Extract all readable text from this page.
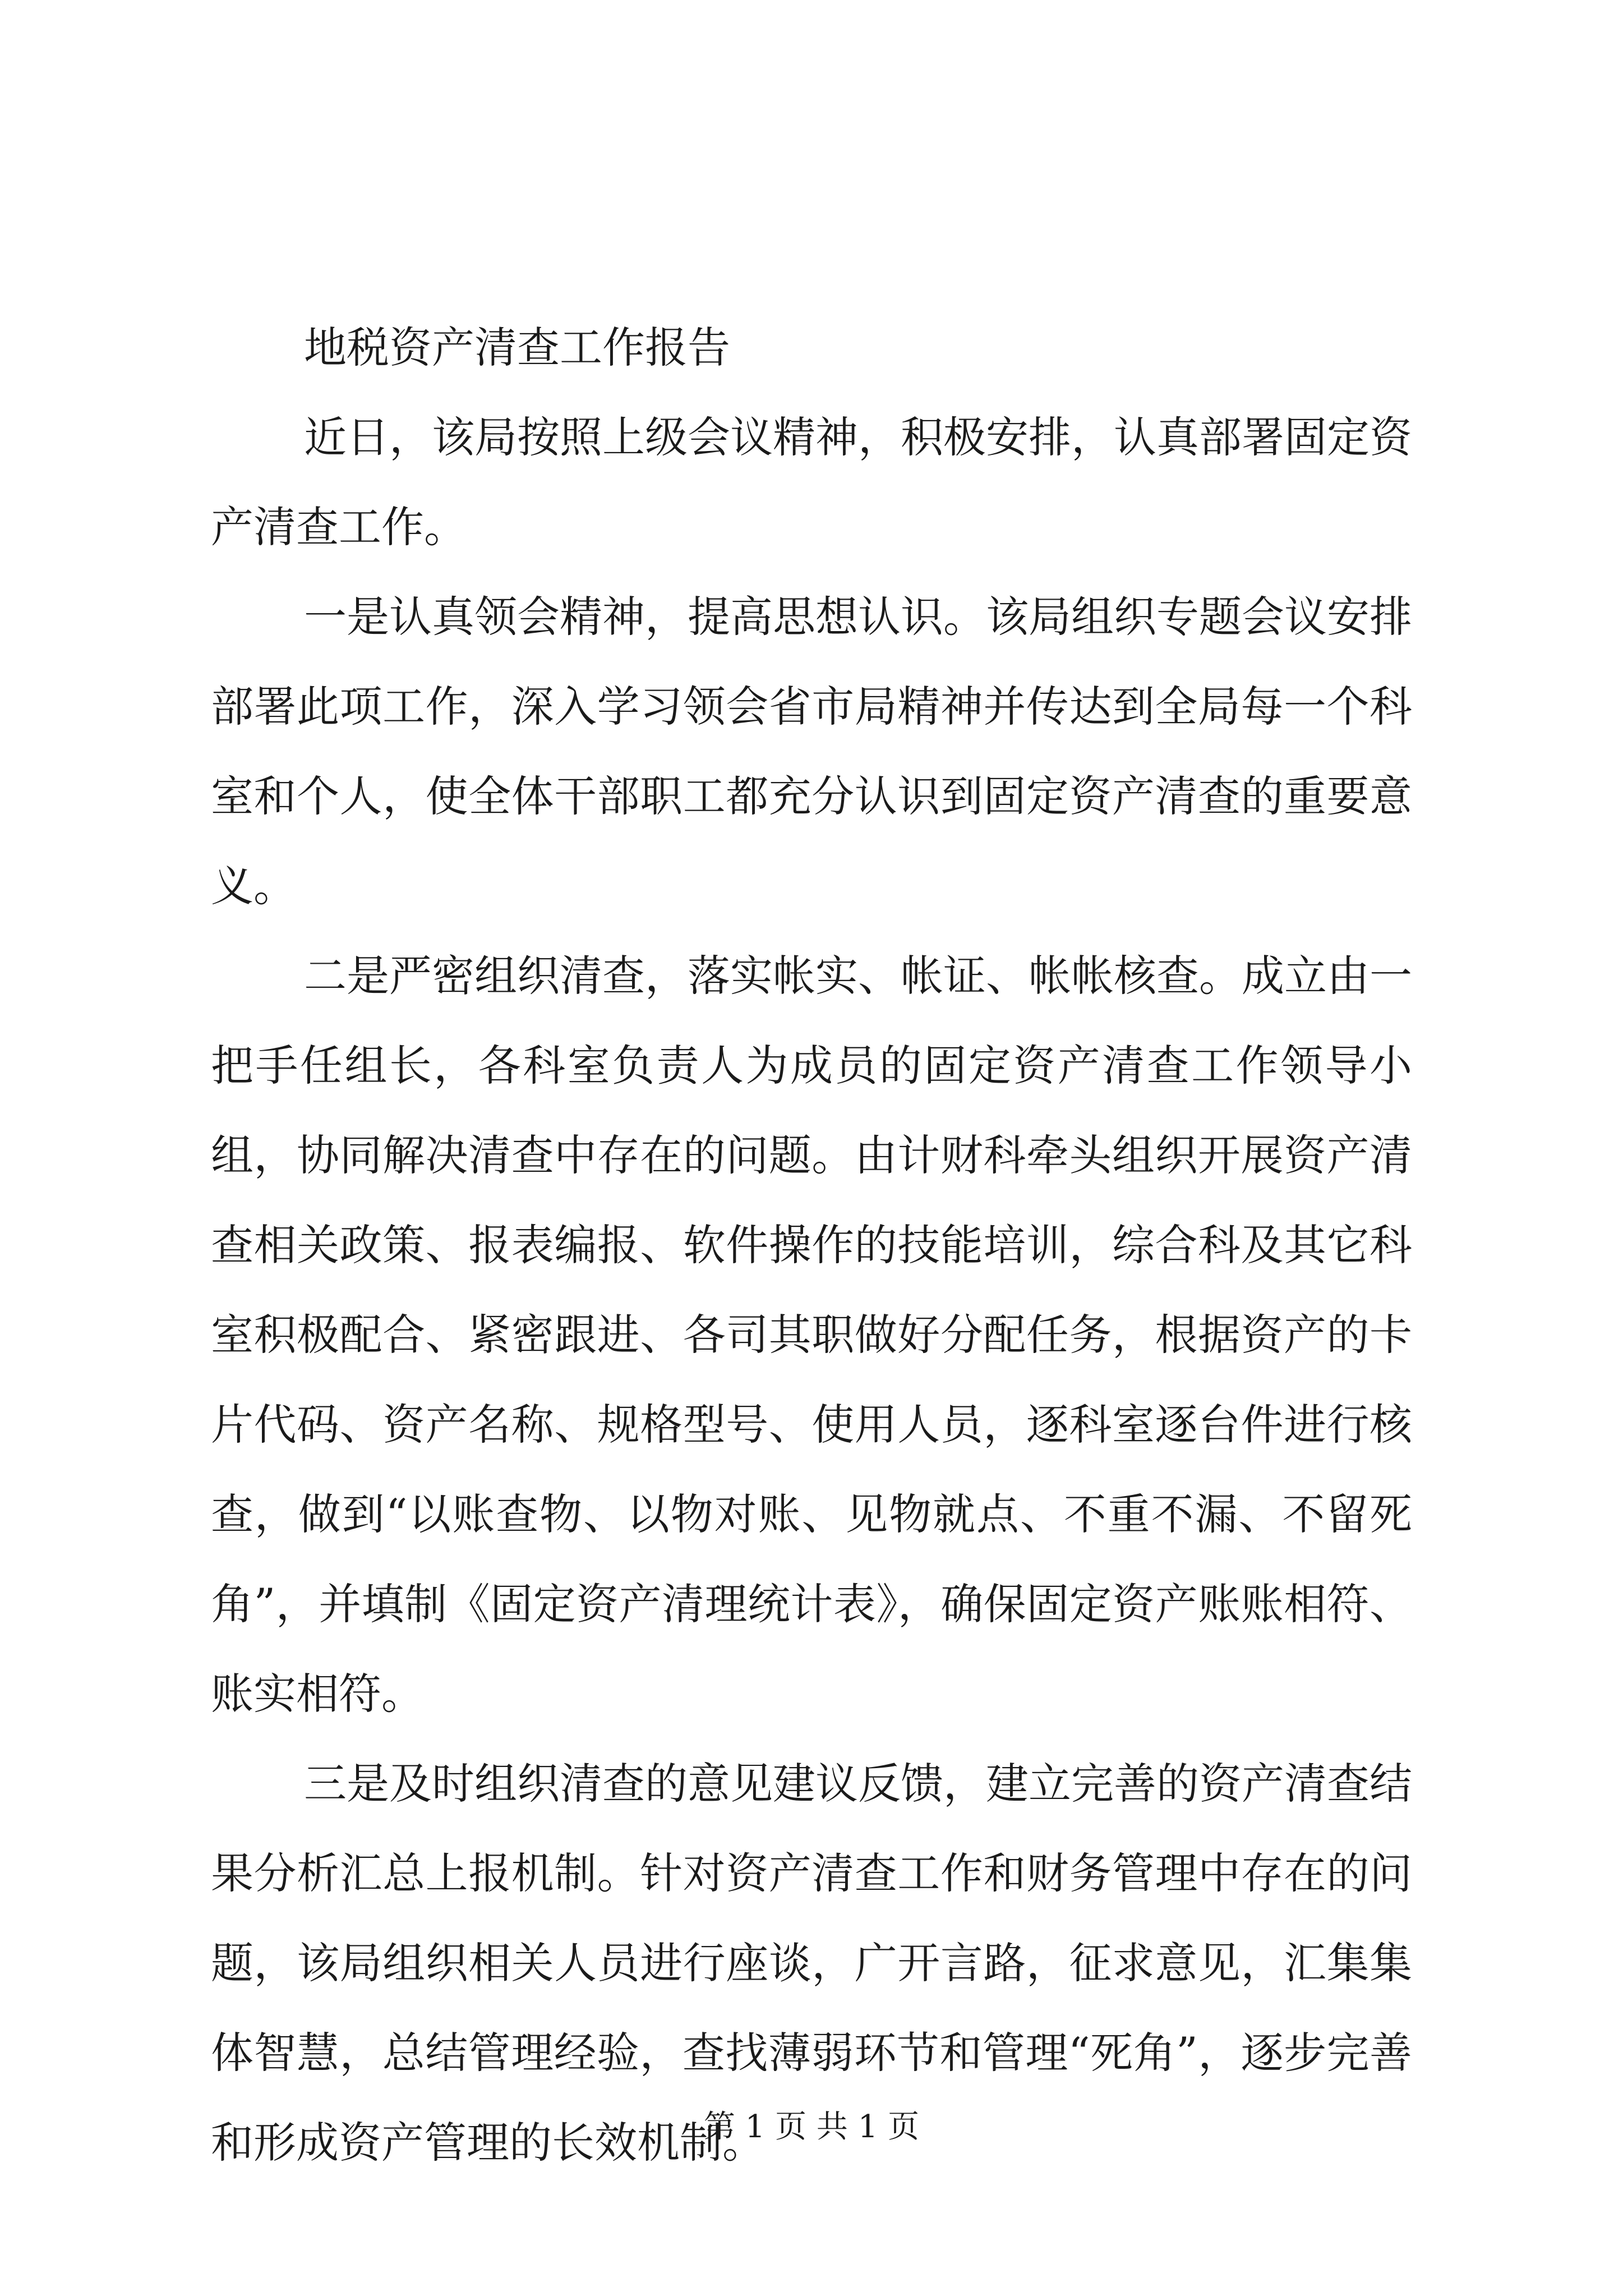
地税资产清查工作报告

近日，该局按照上级会议精神，积极安排，认真部署固定资产清查工作。

一是认真领会精神，提高思想认识。该局组织专题会议安排部署此项工作，深入学习领会省市局精神并传达到全局每一个科室和个人，使全体干部职工都充分认识到固定资产清查的重要意义。

二是严密组织清查，落实帐实、帐证、帐帐核查。成立由一把手任组长，各科室负责人为成员的固定资产清查工作领导小组，协同解决清查中存在的问题。由计财科牵头组织开展资产清查相关政策、报表编报、软件操作的技能培训，综合科及其它科室积极配合、紧密跟进、各司其职做好分配任务，根据资产的卡片代码、资产名称、规格型号、使用人员，逐科室逐台件进行核查，做到“以账查物、以物对账、见物就点、不重不漏、不留死角”，并填制《固定资产清理统计表》，确保固定资产账账相符、账实相符。

三是及时组织清查的意见建议反馈，建立完善的资产清查结果分析汇总上报机制。针对资产清查工作和财务管理中存在的问题，该局组织相关人员进行座谈，广开言路，征求意见，汇集集体智慧，总结管理经验，查找薄弱环节和管理“死角”，逐步完善和形成资产管理的长效机制。

第 1 页 共 1 页
